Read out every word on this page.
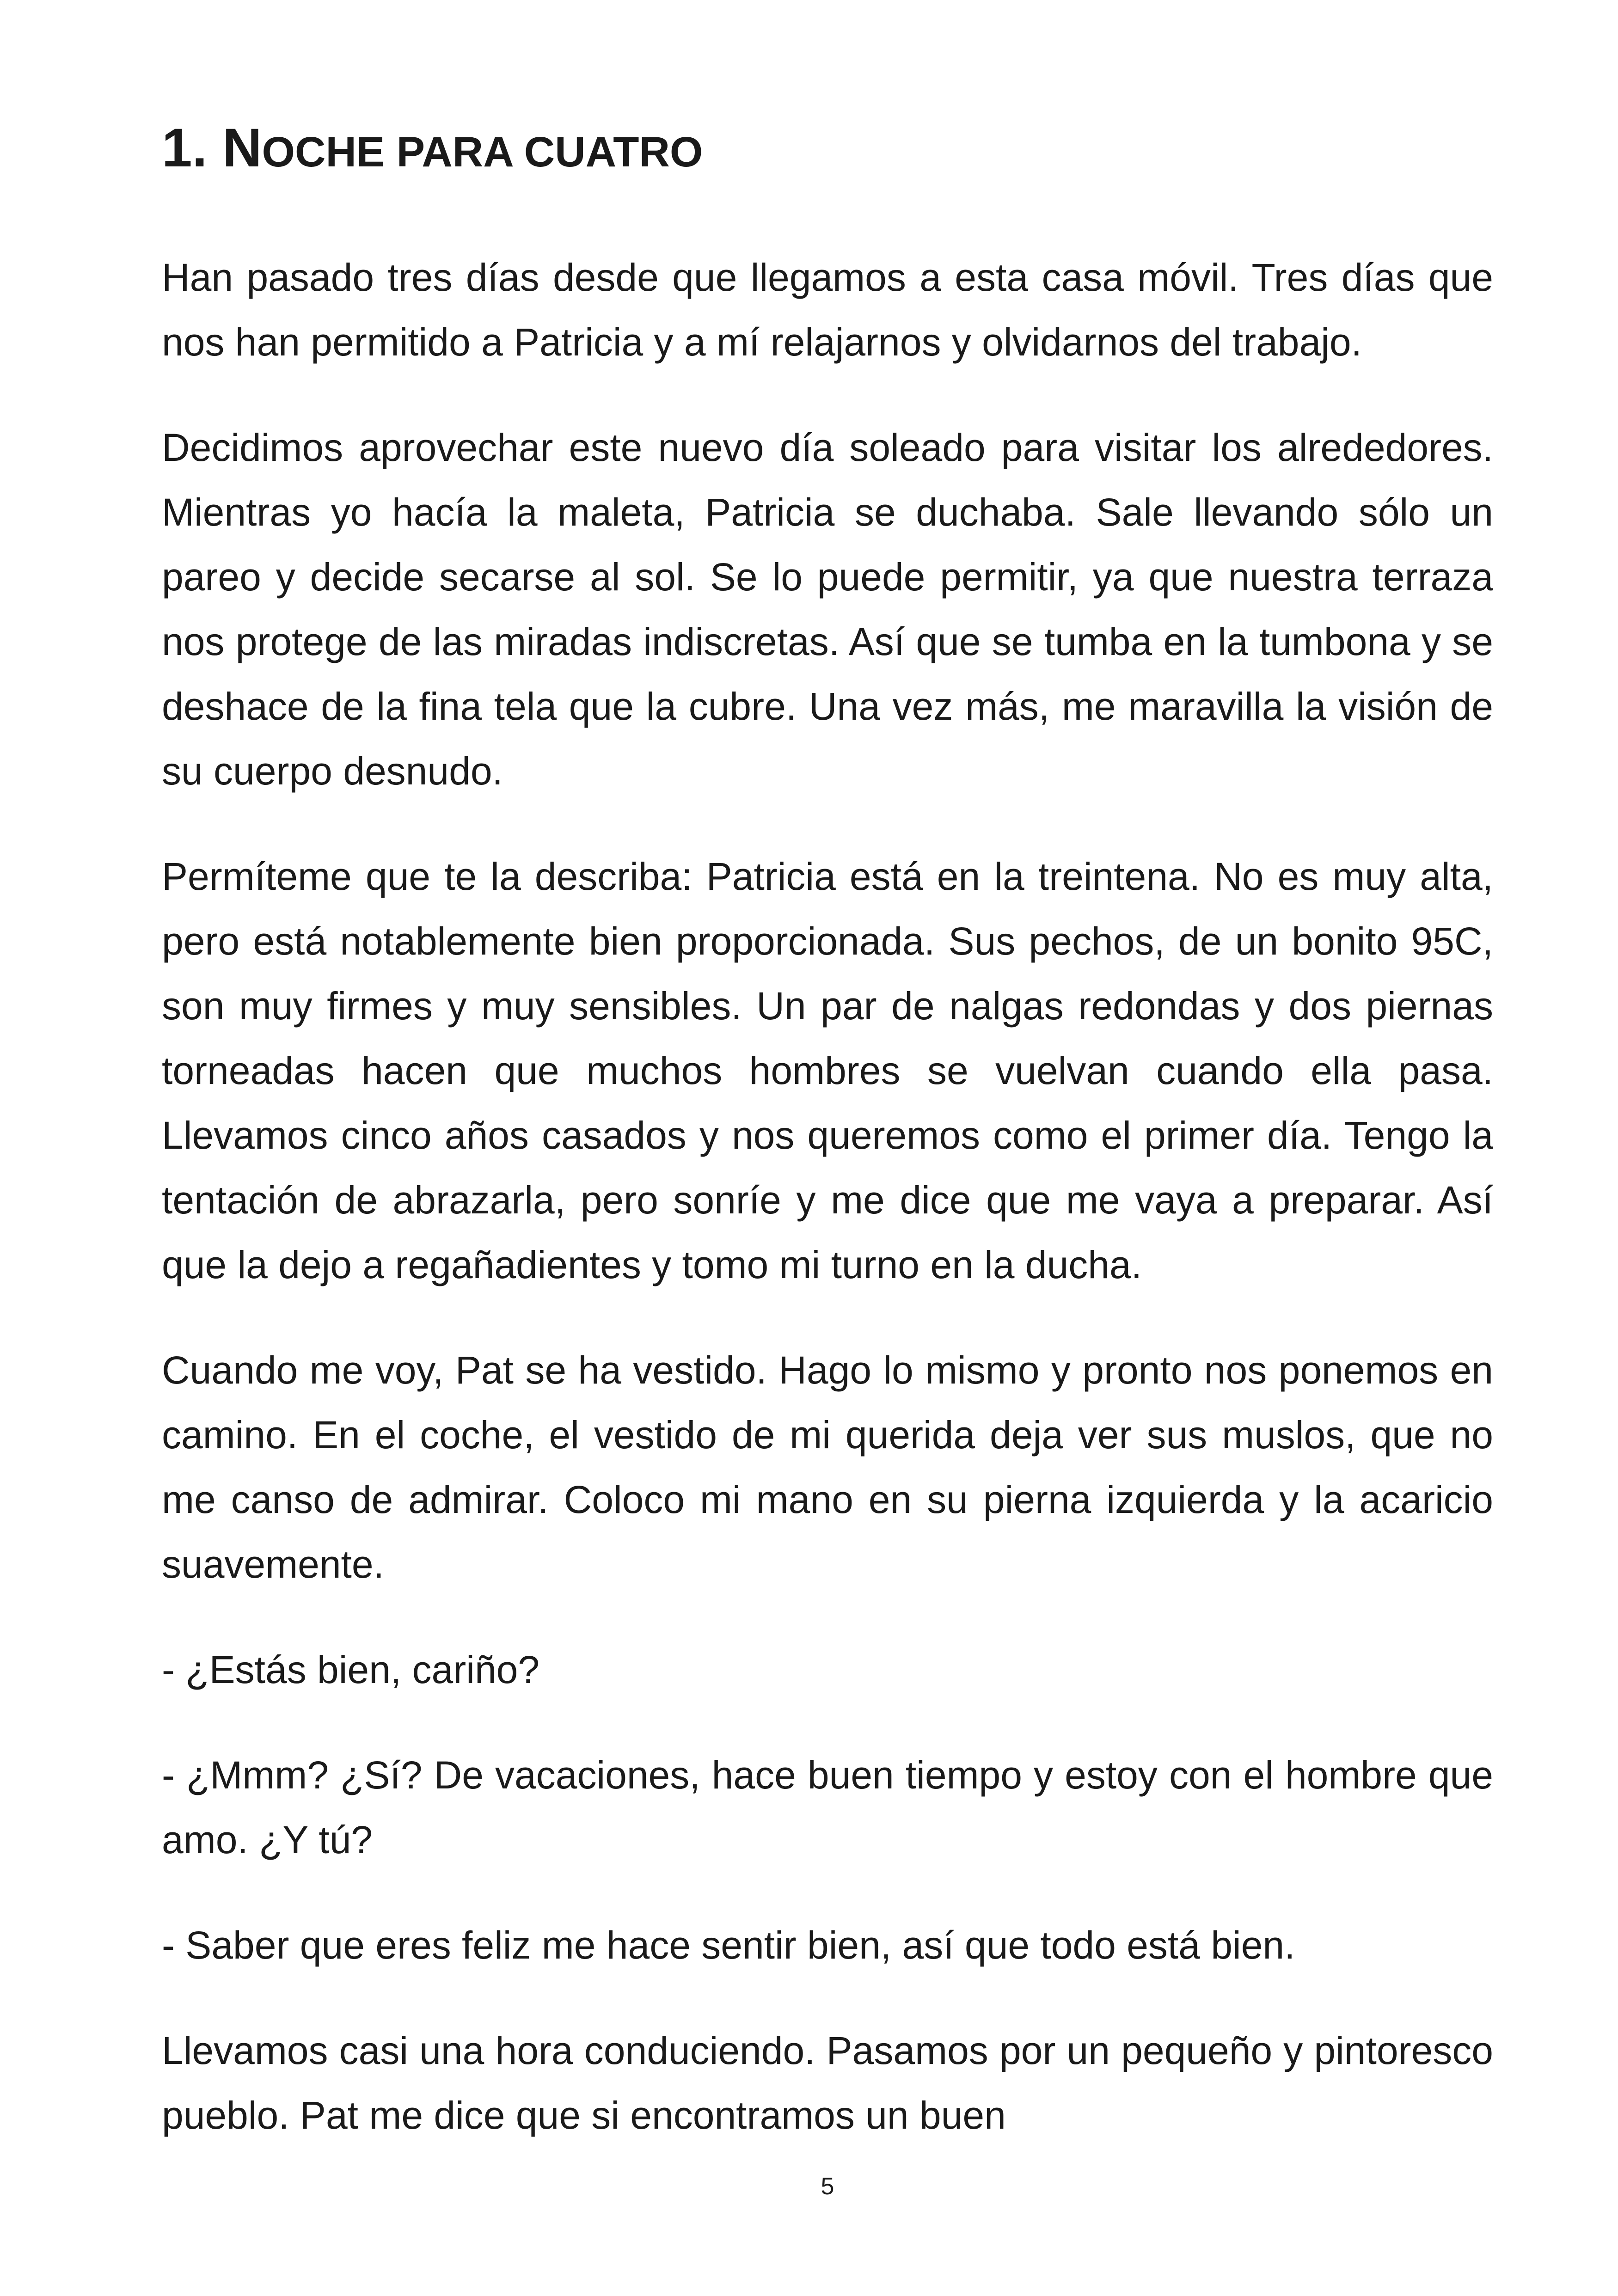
1. NOCHE PARA CUATRO

Han pasado tres días desde que llegamos a esta casa móvil. Tres días que nos han permitido a Patricia y a mí relajarnos y olvidarnos del trabajo.

Decidimos aprovechar este nuevo día soleado para visitar los alrededores. Mientras yo hacía la maleta, Patricia se duchaba. Sale llevando sólo un pareo y decide secarse al sol. Se lo puede permitir, ya que nuestra terraza nos protege de las miradas indiscretas. Así que se tumba en la tumbona y se deshace de la fina tela que la cubre. Una vez más, me maravilla la visión de su cuerpo desnudo.

Permíteme que te la describa: Patricia está en la treintena. No es muy alta, pero está notablemente bien proporcionada. Sus pechos, de un bonito 95C, son muy firmes y muy sensibles. Un par de nalgas redondas y dos piernas torneadas hacen que muchos hombres se vuelvan cuando ella pasa. Llevamos cinco años casados y nos queremos como el primer día. Tengo la tentación de abrazarla, pero sonríe y me dice que me vaya a preparar. Así que la dejo a regañadientes y tomo mi turno en la ducha.

Cuando me voy, Pat se ha vestido. Hago lo mismo y pronto nos ponemos en camino. En el coche, el vestido de mi querida deja ver sus muslos, que no me canso de admirar. Coloco mi mano en su pierna izquierda y la acaricio suavemente.

- ¿Estás bien, cariño?

- ¿Mmm? ¿Sí? De vacaciones, hace buen tiempo y estoy con el hombre que amo. ¿Y tú?

- Saber que eres feliz me hace sentir bien, así que todo está bien.

Llevamos casi una hora conduciendo. Pasamos por un pequeño y pintoresco pueblo. Pat me dice que si encontramos un buen

5
